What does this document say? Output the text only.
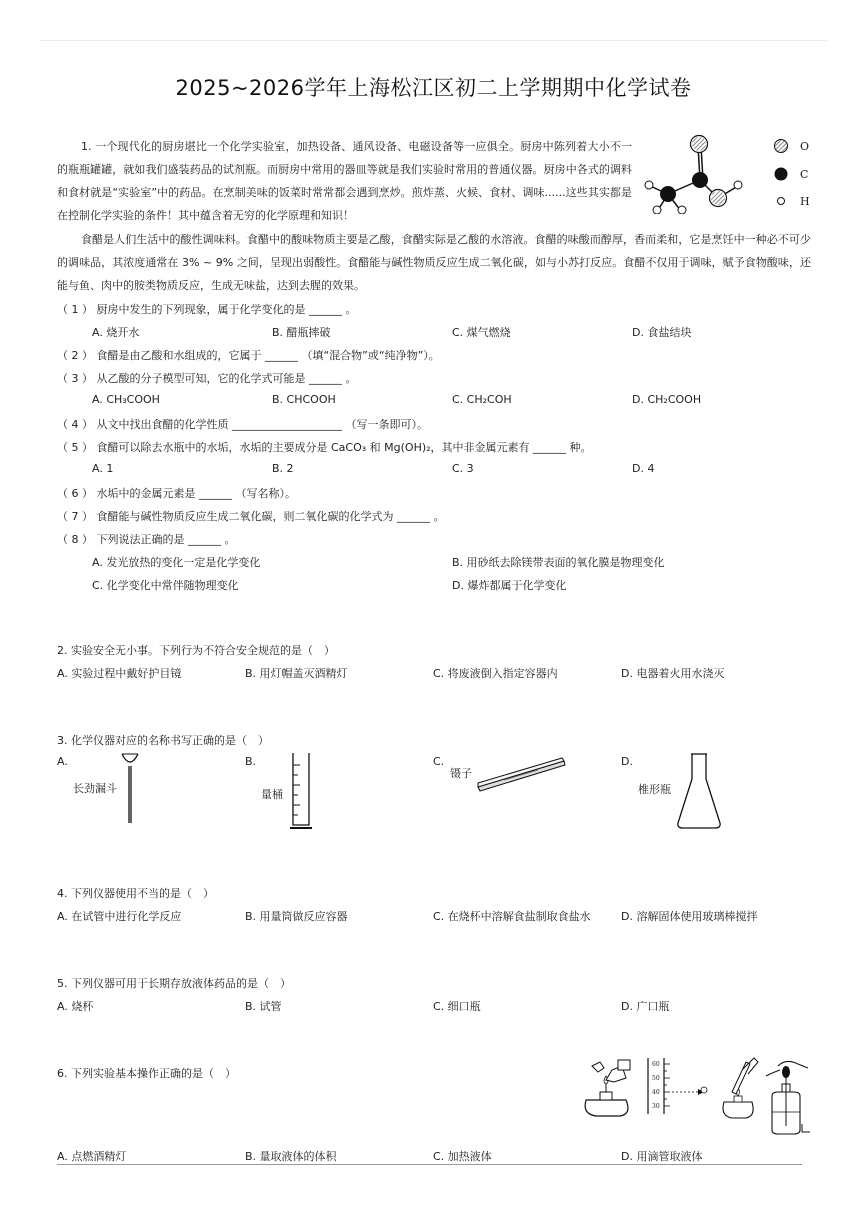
2025~2026学年上海松江区初二上学期期中化学试卷
1. 一个现代化的厨房堪比一个化学实验室，加热设备、通风设备、电磁设备等一应俱全。厨房中陈列着大小不一的瓶瓶罐罐，就如我们盛装药品的试剂瓶。而厨房中常用的器皿等就是我们实验时常用的普通仪器。厨房中各式的调料和食材就是“实验室”中的药品。在烹制美味的饭菜时常常都会遇到烹炒。煎炸蒸、火候、食材、调味......这些其实都是在控制化学实验的条件！其中蕴含着无穷的化学原理和知识！
O
C
H
食醋是人们生活中的酸性调味料。食醋中的酸味物质主要是乙酸，食醋实际是乙酸的水溶液。食醋的味酸而醇厚，香而柔和，它是烹饪中一种必不可少的调味品，其浓度通常在 3% ~ 9% 之间，呈现出弱酸性。食醋能与碱性物质反应生成二氧化碳，如与小苏打反应。食醋不仅用于调味，赋予食物酸味，还能与鱼、肉中的胺类物质反应，生成无味盐，达到去腥的效果。
（ 1 ） 厨房中发生的下列现象，属于化学变化的是 ______ 。
A. 烧开水	B. 醋瓶摔破	C. 煤气燃烧	D. 食盐结块
（ 2 ） 食醋是由乙酸和水组成的，它属于 ______ （填“混合物”或“纯净物”）。
（ 3 ） 从乙酸的分子模型可知，它的化学式可能是 ______ 。
A. CH₃COOH	B. CHCOOH	C. CH₂COH	D. CH₂COOH
（ 4 ） 从文中找出食醋的化学性质 ____________________ （写一条即可）。
（ 5 ） 食醋可以除去水瓶中的水垢，水垢的主要成分是 CaCO₃ 和 Mg(OH)₂，其中非金属元素有 ______ 种。
A. 1	B. 2	C. 3	D. 4
（ 6 ） 水垢中的金属元素是 ______ （写名称）。
（ 7 ） 食醋能与碱性物质反应生成二氧化碳，则二氧化碳的化学式为 ______ 。
（ 8 ） 下列说法正确的是 ______ 。
A. 发光放热的变化一定是化学变化	B. 用砂纸去除镁带表面的氧化膜是物理变化
C. 化学变化中常伴随物理变化	D. 爆炸都属于化学变化
2. 实验安全无小事。下列行为不符合安全规范的是（　）
A. 实验过程中戴好护目镜	B. 用灯帽盖灭酒精灯	C. 将废液倒入指定容器内	D. 电器着火用水浇灭
3. 化学仪器对应的名称书写正确的是（　）
A.	B.	C.	D.
长劲漏斗	量桶
镊子
椎形瓶
4. 下列仪器使用不当的是（　）
A. 在试管中进行化学反应	B. 用量筒做反应容器	C. 在烧杯中溶解食盐制取食盐水	D. 溶解固体使用玻璃棒搅拌
5. 下列仪器可用于长期存放液体药品的是（　）
A. 烧杯	B. 试管	C. 细口瓶	D. 广口瓶
6. 下列实验基本操作正确的是（　）
60
50
40
30
A. 点燃酒精灯	B. 量取液体的体积	C. 加热液体	D. 用滴管取液体
